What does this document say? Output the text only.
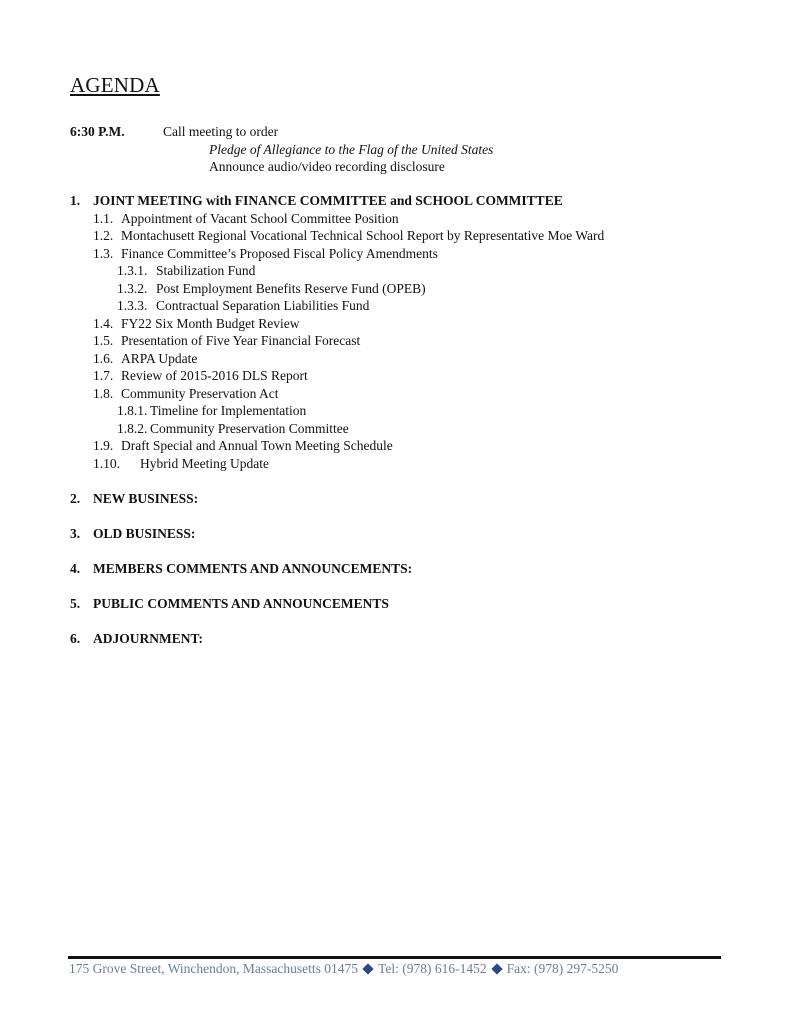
AGENDA
6:30 P.M.	Call meeting to order
Pledge of Allegiance to the Flag of the United States
Announce audio/video recording disclosure
1. JOINT MEETING with FINANCE COMMITTEE and SCHOOL COMMITTEE
1.1. Appointment of Vacant School Committee Position
1.2. Montachusett Regional Vocational Technical School Report by Representative Moe Ward
1.3. Finance Committee’s Proposed Fiscal Policy Amendments
1.3.1. Stabilization Fund
1.3.2. Post Employment Benefits Reserve Fund (OPEB)
1.3.3. Contractual Separation Liabilities Fund
1.4. FY22 Six Month Budget Review
1.5. Presentation of Five Year Financial Forecast
1.6. ARPA Update
1.7. Review of 2015-2016 DLS Report
1.8. Community Preservation Act
1.8.1. Timeline for Implementation
1.8.2. Community Preservation Committee
1.9. Draft Special and Annual Town Meeting Schedule
1.10. Hybrid Meeting Update
2. NEW BUSINESS:
3. OLD BUSINESS:
4. MEMBERS COMMENTS AND ANNOUNCEMENTS:
5. PUBLIC COMMENTS AND ANNOUNCEMENTS
6. ADJOURNMENT:
175 Grove Street, Winchendon, Massachusetts 01475 Tel: (978) 616-1452 Fax: (978) 297-5250
